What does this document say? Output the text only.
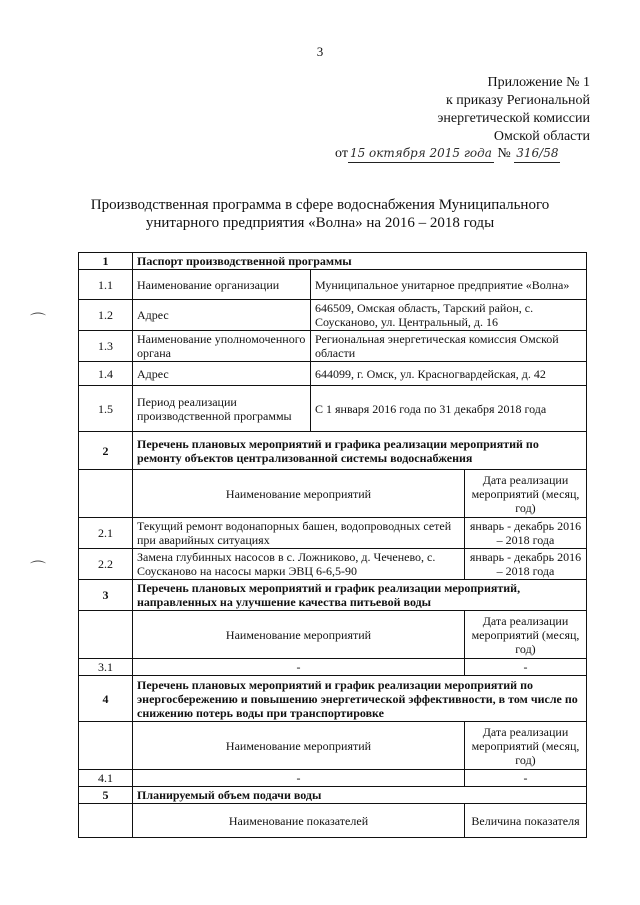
3
Приложение № 1
к приказу Региональной
энергетической комиссии
Омской области
от 15 октября 2015 года № 316/58
Производственная программа в сфере водоснабжения Муниципального
унитарного предприятия «Волна» на 2016 – 2018 годы
⌒
⌒
1	Паспорт производственной программы		
1.1	Наименование организации	Муниципальное унитарное предприятие «Волна»	
1.2	Адрес	646509, Омская область, Тарский район, с. Соусканово, ул. Центральный, д. 16	
1.3	Наименование уполномоченного органа	Региональная энергетическая комиссия Омской области	
1.4	Адрес	644099, г. Омск, ул. Красногвардейская, д. 42	
1.5	Период реализации производственной программы	С 1 января 2016 года по 31 декабря 2018 года	
2	Перечень плановых мероприятий и графика реализации мероприятий по ремонту объектов централизованной системы водоснабжения		
	Наименование мероприятий		Дата реализации мероприятий (месяц, год)
2.1	Текущий ремонт водонапорных башен, водопроводных сетей при аварийных ситуациях		январь - декабрь 2016 – 2018 года
2.2	Замена глубинных насосов в с. Ложниково, д. Чеченево, с. Соусканово на насосы марки ЭВЦ 6-6,5-90		январь - декабрь 2016 – 2018 года
3	Перечень плановых мероприятий и график реализации мероприятий, направленных на улучшение качества питьевой воды		
	Наименование мероприятий		Дата реализации мероприятий (месяц, год)
3.1	-		-
4	Перечень плановых мероприятий и график реализации мероприятий по энергосбережению и повышению энергетической эффективности, в том числе по снижению потерь воды при транспортировке		
	Наименование мероприятий		Дата реализации мероприятий (месяц, год)
4.1	-		-
5	Планируемый объем подачи воды		
	Наименование показателей		Величина показателя
